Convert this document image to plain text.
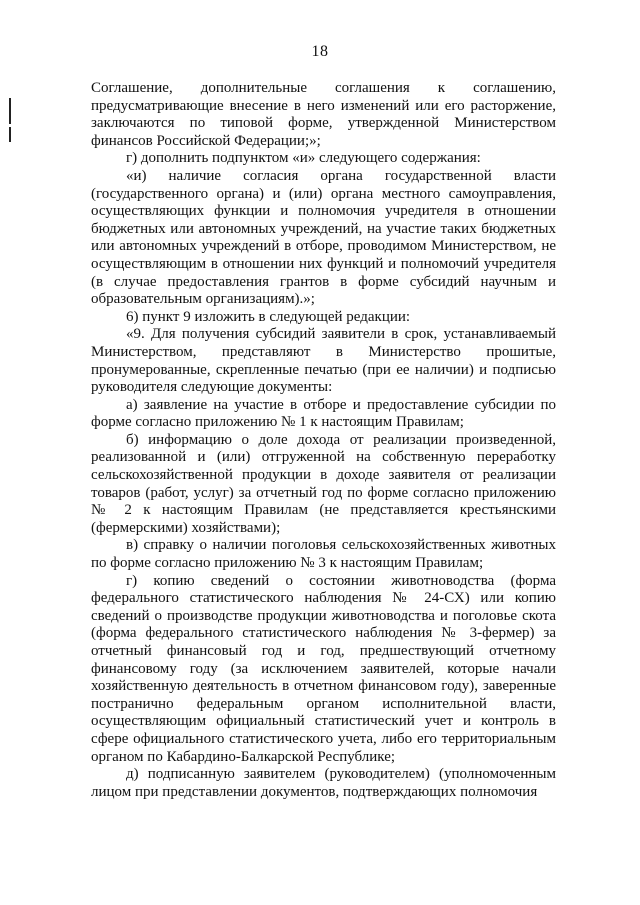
18

Соглашение, дополнительные соглашения к соглашению, предусматривающие внесение в него изменений или его расторжение, заключаются по типовой форме, утвержденной Министерством финансов Российской Федерации;»;

г) дополнить подпунктом «и» следующего содержания:

«и) наличие согласия органа государственной власти (государственного органа) и (или) органа местного самоуправления, осуществляющих функции и полномочия учредителя в отношении бюджетных или автономных учреждений, на участие таких бюджетных или автономных учреждений в отборе, проводимом Министерством, не осуществляющим в отношении них функций и полномочий учредителя (в случае предоставления грантов в форме субсидий научным и образовательным организациям).»;

6) пункт 9 изложить в следующей редакции:

«9. Для получения субсидий заявители в срок, устанавливаемый Министерством, представляют в Министерство прошитые, пронумерованные, скрепленные печатью (при ее наличии) и подписью руководителя следующие документы:

а) заявление на участие в отборе и предоставление субсидии по форме согласно приложению № 1 к настоящим Правилам;

б) информацию о доле дохода от реализации произведенной, реализованной и (или) отгруженной на собственную переработку сельскохозяйственной продукции в доходе заявителя от реализации товаров (работ, услуг) за отчетный год по форме согласно приложению № 2 к настоящим Правилам (не представляется крестьянскими (фермерскими) хозяйствами);

в) справку о наличии поголовья сельскохозяйственных животных по форме согласно приложению № 3 к настоящим Правилам;

г) копию сведений о состоянии животноводства (форма федерального статистического наблюдения № 24-СХ) или копию сведений о производстве продукции животноводства и поголовье скота (форма федерального статистического наблюдения № 3-фермер) за отчетный финансовый год и год, предшествующий отчетному финансовому году (за исключением заявителей, которые начали хозяйственную деятельность в отчетном финансовом году), заверенные постранично федеральным органом исполнительной власти, осуществляющим официальный статистический учет и контроль в сфере официального статистического учета, либо его территориальным органом по Кабардино-Балкарской Республике;

д) подписанную заявителем (руководителем) (уполномоченным лицом при представлении документов, подтверждающих полномочия
